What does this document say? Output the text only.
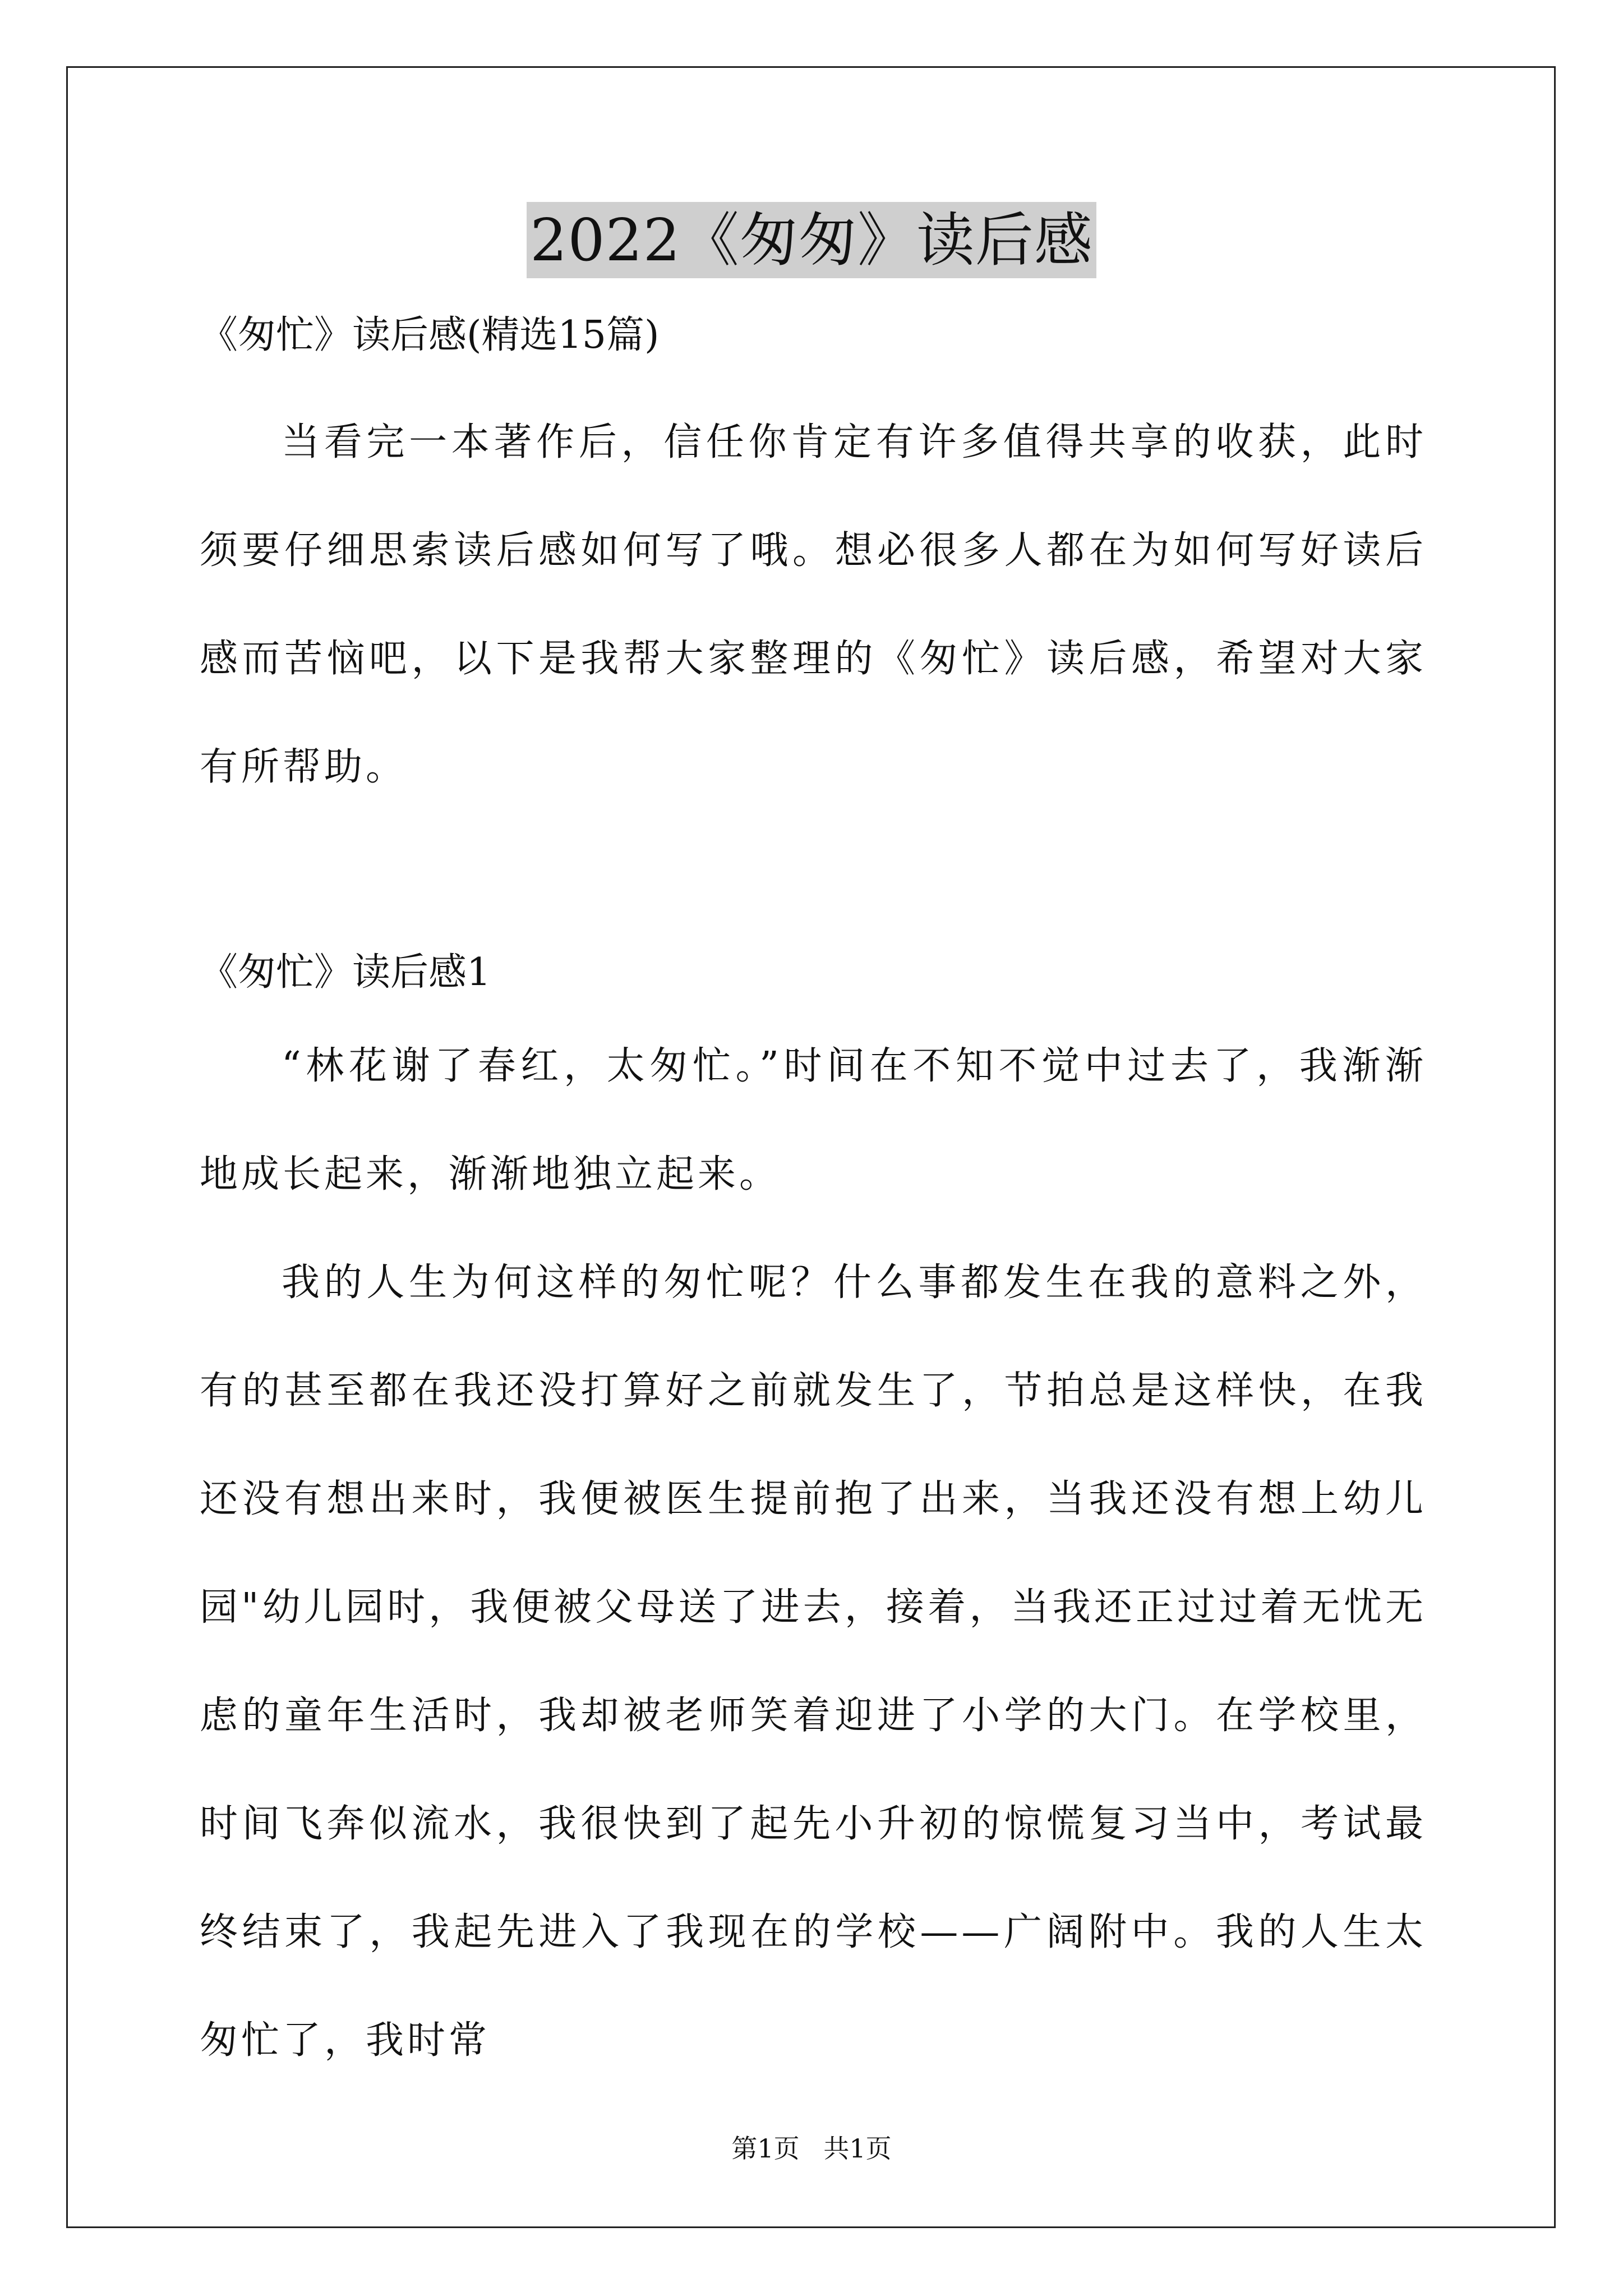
2022《匆匆》读后感

《匆忙》读后感(精选15篇)

当看完一本著作后，信任你肯定有许多值得共享的收获，此时须要仔细思索读后感如何写了哦。想必很多人都在为如何写好读后感而苦恼吧，以下是我帮大家整理的《匆忙》读后感，希望对大家有所帮助。

《匆忙》读后感1

“林花谢了春红，太匆忙。”时间在不知不觉中过去了，我渐渐地成长起来，渐渐地独立起来。

我的人生为何这样的匆忙呢？什么事都发生在我的意料之外，有的甚至都在我还没打算好之前就发生了，节拍总是这样快，在我还没有想出来时，我便被医生提前抱了出来，当我还没有想上幼儿园"幼儿园时，我便被父母送了进去，接着，当我还正过过着无忧无虑的童年生活时，我却被老师笑着迎进了小学的大门。在学校里，时间飞奔似流水，我很快到了起先小升初的惊慌复习当中，考试最终结束了，我起先进入了我现在的学校——广阔附中。我的人生太匆忙了，我时常

第1页 共1页
